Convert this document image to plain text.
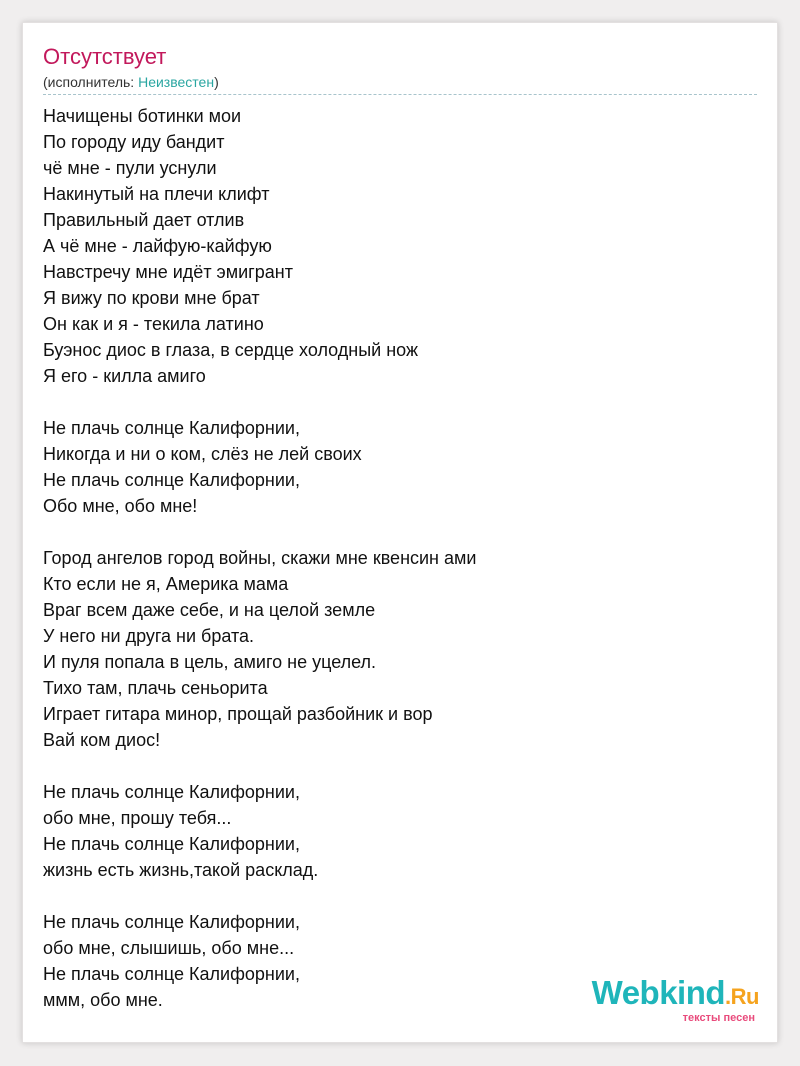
Отсутствует
(исполнитель: Неизвестен)
Начищены ботинки мои
По городу иду бандит
чё мне - пули уснули
Накинутый на плечи клифт
Правильный дает отлив
А чё мне - лайфую-кайфую
Навстречу мне идёт эмигрант
Я вижу по крови мне брат
Он как и я - текила латино
Буэнос диос в глаза, в сердце холодный нож
Я его - килла амиго
Не плачь солнце Калифорнии,
Никогда и ни о ком, слёз не лей своих
Не плачь солнце Калифорнии,
Обо мне, обо мне!
Город ангелов город войны, скажи мне квенсин ами
Кто если не я, Америка мама
Враг всем даже себе, и на целой земле
У него ни друга ни брата.
И пуля попала в цель, амиго не уцелел.
Тихо там, плачь сеньорита
Играет гитара минор, прощай разбойник и вор
Вай ком диос!
Не плачь солнце Калифорнии,
обо мне, прошу тебя...
Не плачь солнце Калифорнии,
жизнь есть жизнь,такой расклад.
Не плачь солнце Калифорнии,
обо мне, слышишь, обо мне...
Не плачь солнце Калифорнии,
ммм, обо мне.	Webkind.Ru
тексты песен
